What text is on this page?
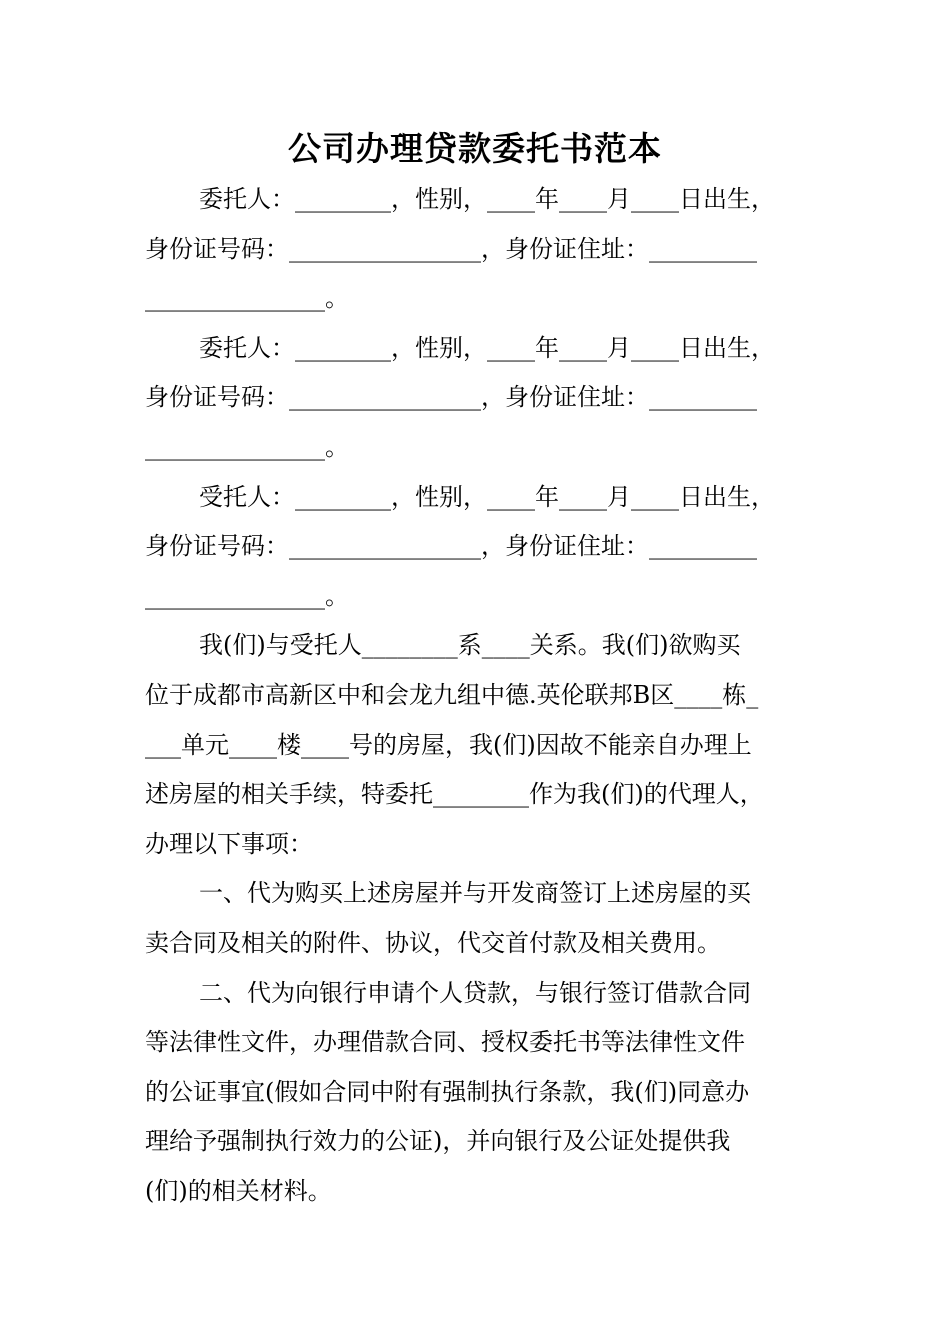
公司办理贷款委托书范本
委托人：________，性别，____年____月____日出生，
身份证号码：________________，身份证住址：_________
_______________。
委托人：________，性别，____年____月____日出生，
身份证号码：________________，身份证住址：_________
_______________。
受托人：________，性别，____年____月____日出生，
身份证号码：________________，身份证住址：_________
_______________。
我(们)与受托人________系____关系。我(们)欲购买
位于成都市高新区中和会龙九组中德.英伦联邦B区____栋_
___单元____楼____号的房屋，我(们)因故不能亲自办理上
述房屋的相关手续，特委托________作为我(们)的代理人，
办理以下事项：
一、代为购买上述房屋并与开发商签订上述房屋的买
卖合同及相关的附件、协议，代交首付款及相关费用。
二、代为向银行申请个人贷款，与银行签订借款合同
等法律性文件，办理借款合同、授权委托书等法律性文件
的公证事宜(假如合同中附有强制执行条款，我(们)同意办
理给予强制执行效力的公证)，并向银行及公证处提供我
(们)的相关材料。
